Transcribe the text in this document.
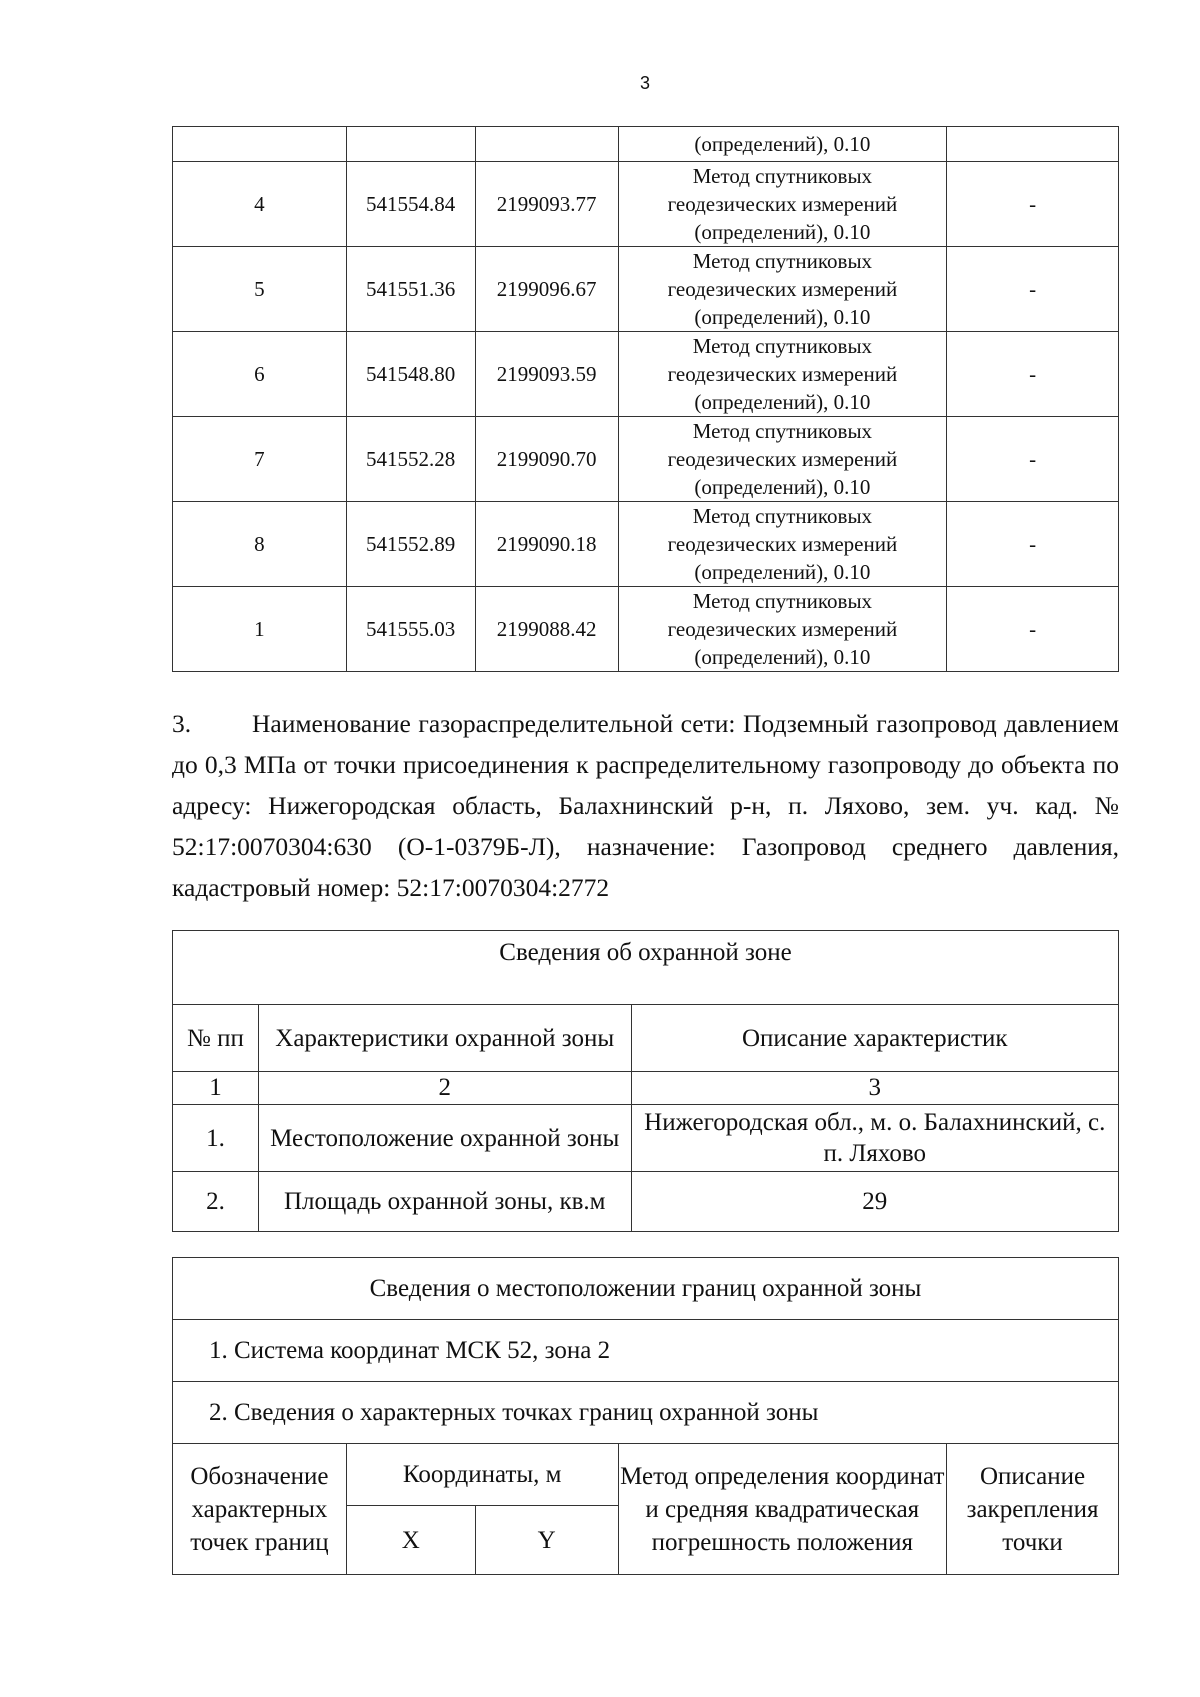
3
			(определений), 0.10	
4	541554.84	2199093.77	Метод спутниковых
геодезических измерений
(определений), 0.10	-
5	541551.36	2199096.67	Метод спутниковых
геодезических измерений
(определений), 0.10	-
6	541548.80	2199093.59	Метод спутниковых
геодезических измерений
(определений), 0.10	-
7	541552.28	2199090.70	Метод спутниковых
геодезических измерений
(определений), 0.10	-
8	541552.89	2199090.18	Метод спутниковых
геодезических измерений
(определений), 0.10	-
1	541555.03	2199088.42	Метод спутниковых
геодезических измерений
(определений), 0.10	-
3. Наименование газораспределительной сети: Подземный газопровод давлением до 0,3 МПа от точки присоединения к распределительному газопроводу до объекта по адресу: Нижегородская область, Балахнинский р-н, п. Ляхово, зем. уч. кад. № 52:17:0070304:630 (О-1-0379Б-Л), назначение: Газопровод среднего давления, кадастровый номер: 52:17:0070304:2772
Сведения об охранной зоне		
№ пп	Характеристики охранной зоны	Описание характеристик
1	2	3
1.	Местоположение охранной зоны	Нижегородская обл., м. о. Балахнинский, с. п. Ляхово
2.	Площадь охранной зоны, кв.м	29
Сведения о местоположении границ охранной зоны				
1. Система координат МСК 52, зона 2				
2. Сведения о характерных точках границ охранной зоны				
Обозначение характерных точек границ	Координаты, м		Метод определения координат и средняя квадратическая погрешность положения	Описание закрепления точки
	X	Y		
